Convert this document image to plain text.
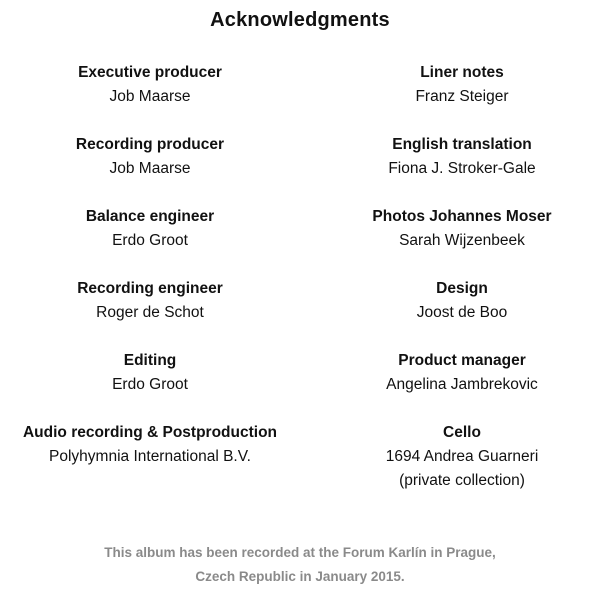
Acknowledgments
Executive producer
Job Maarse
Recording producer
Job Maarse
Balance engineer
Erdo Groot
Recording engineer
Roger de Schot
Editing
Erdo Groot
Audio recording & Postproduction
Polyhymnia International B.V.
Liner notes
Franz Steiger
English translation
Fiona J. Stroker-Gale
Photos Johannes Moser
Sarah Wijzenbeek
Design
Joost de Boo
Product manager
Angelina Jambrekovic
Cello
1694 Andrea Guarneri
(private collection)
This album has been recorded at the Forum Karlín in Prague,
Czech Republic in January 2015.
